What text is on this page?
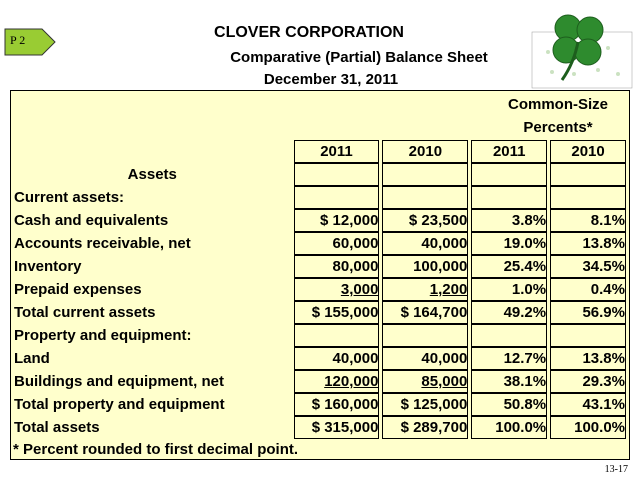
P 2	CLOVER CORPORATION
Comparative (Partial) Balance Sheet
December 31, 2011
Common-Size
Percents*
	2011	2010	2011	2010
Assets				
Current assets:				
Cash and equivalents	$ 12,000	$ 23,500	3.8%	8.1%
Accounts receivable, net	60,000	40,000	19.0%	13.8%
Inventory	80,000	100,000	25.4%	34.5%
Prepaid expenses	3,000	1,200	1.0%	0.4%
Total current assets	$ 155,000	$ 164,700	49.2%	56.9%
Property and equipment:				
Land	40,000	40,000	12.7%	13.8%
Buildings and equipment, net	120,000	85,000	38.1%	29.3%
Total property and equipment	$ 160,000	$ 125,000	50.8%	43.1%
Total assets	$ 315,000	$ 289,700	100.0%	100.0%
* Percent rounded to first decimal point.
13-17
